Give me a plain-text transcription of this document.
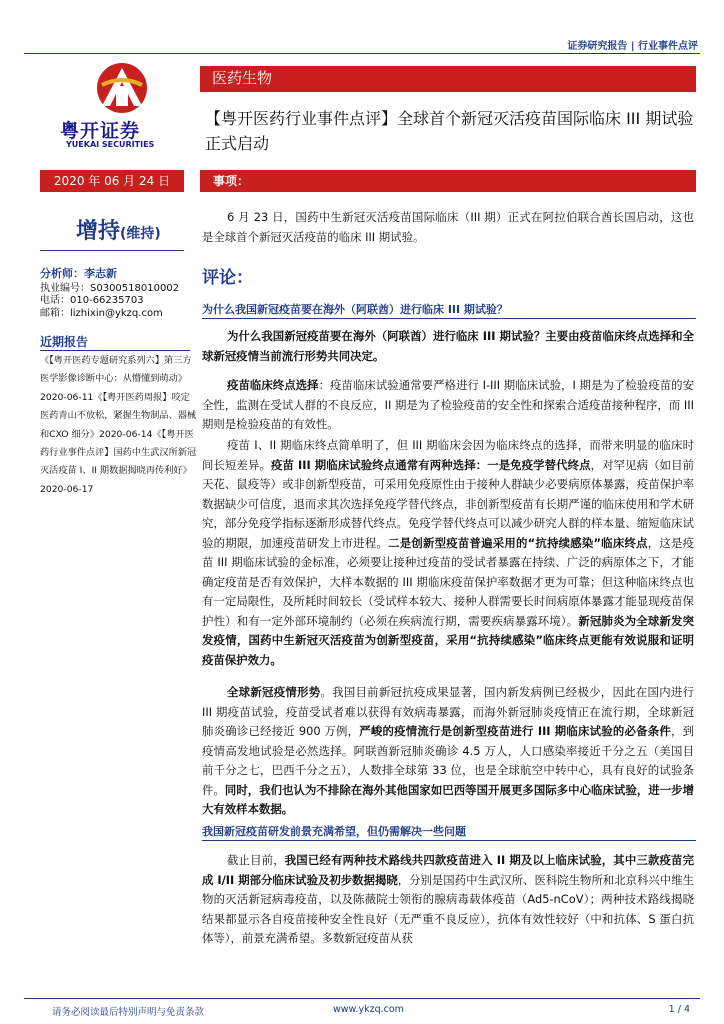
证券研究报告 | 行业事件点评
粤开证券
YUEKAI SECURITIES
医药生物
【粤开医药行业事件点评】全球首个新冠灭活疫苗国际临床 III 期试验正式启动
2020 年 06 月 24 日	事项：
增持(维持)
分析师：李志新
执业编号：S0300518010002
电话：010-66235703
邮箱：lizhixin@ykzq.com
近期报告
《【粤开医药专题研究系列六】第三方医学影像诊断中心：从懵懂到萌动》2020-06-11《【粤开医药周报】咬定医药青山不放松，紧握生物制品、器械和CXO 细分》2020-06-14《【粤开医药行业事件点评】国药中生武汉所新冠灭活疫苗 I、II 期数据揭晓再传利好》2020-06-17

6 月 23 日，国药中生新冠灭活疫苗国际临床（III 期）正式在阿拉伯联合酋长国启动，这也是全球首个新冠灭活疫苗的临床 III 期试验。

评论：
为什么我国新冠疫苗要在海外（阿联酋）进行临床 III 期试验？

为什么我国新冠疫苗要在海外（阿联酋）进行临床 III 期试验？主要由疫苗临床终点选择和全球新冠疫情当前流行形势共同决定。

疫苗临床终点选择：疫苗临床试验通常要严格进行 I-III 期临床试验，I 期是为了检验疫苗的安全性，监测在受试人群的不良反应，II 期是为了检验疫苗的安全性和探索合适疫苗接种程序，而 III 期则是检验疫苗的有效性。

疫苗 I、II 期临床终点简单明了，但 III 期临床会因为临床终点的选择，而带来明显的临床时间长短差异。疫苗 III 期临床试验终点通常有两种选择：一是免疫学替代终点，对罕见病（如目前天花、鼠疫等）或非创新型疫苗，可采用免疫原性由于接种人群缺少必要病原体暴露，疫苗保护率数据缺少可信度，退而求其次选择免疫学替代终点，非创新型疫苗有长期严谨的临床使用和学术研究，部分免疫学指标逐渐形成替代终点。免疫学替代终点可以减少研究人群的样本量、缩短临床试验的期限，加速疫苗研发上市进程。二是创新型疫苗普遍采用的“抗持续感染”临床终点，这是疫苗 III 期临床试验的金标准，必须要让接种过疫苗的受试者暴露在持续、广泛的病原体之下，才能确定疫苗是否有效保护，大样本数据的 III 期临床疫苗保护率数据才更为可靠；但这种临床终点也有一定局限性，及所耗时间较长（受试样本较大、接种人群需要长时间病原体暴露才能显现疫苗保护性）和有一定外部环境制约（必须在疾病流行期，需要疾病暴露环境）。新冠肺炎为全球新发突发疫情，国药中生新冠灭活疫苗为创新型疫苗，采用“抗持续感染”临床终点更能有效说服和证明疫苗保护效力。

全球新冠疫情形势。我国目前新冠抗疫成果显著，国内新发病例已经极少，因此在国内进行 III 期疫苗试验，疫苗受试者难以获得有效病毒暴露，而海外新冠肺炎疫情正在流行期，全球新冠肺炎确诊已经接近 900 万例，严峻的疫情流行是创新型疫苗进行 III 期临床试验的必备条件，到疫情高发地试验是必然选择。阿联酋新冠肺炎确诊 4.5 万人，人口感染率接近千分之五（美国目前千分之七，巴西千分之五），人数排全球第 33 位，也是全球航空中转中心，具有良好的试验条件。同时，我们也认为不排除在海外其他国家如巴西等国开展更多国际多中心临床试验，进一步增大有效样本数据。

我国新冠疫苗研发前景充满希望，但仍需解决一些问题

截止目前，我国已经有两种技术路线共四款疫苗进入 II 期及以上临床试验，其中三款疫苗完成 I/II 期部分临床试验及初步数据揭晓，分别是国药中生武汉所、医科院生物所和北京科兴中维生物的灭活新冠病毒疫苗，以及陈薇院士领衔的腺病毒载体疫苗（Ad5-nCoV）；两种技术路线揭晓结果都显示各自疫苗接种安全性良好（无严重不良反应），抗体有效性较好（中和抗体、S 蛋白抗体等），前景充满希望。多数新冠疫苗从获

请务必阅读最后特别声明与免责条款	www.ykzq.com	1 / 4
